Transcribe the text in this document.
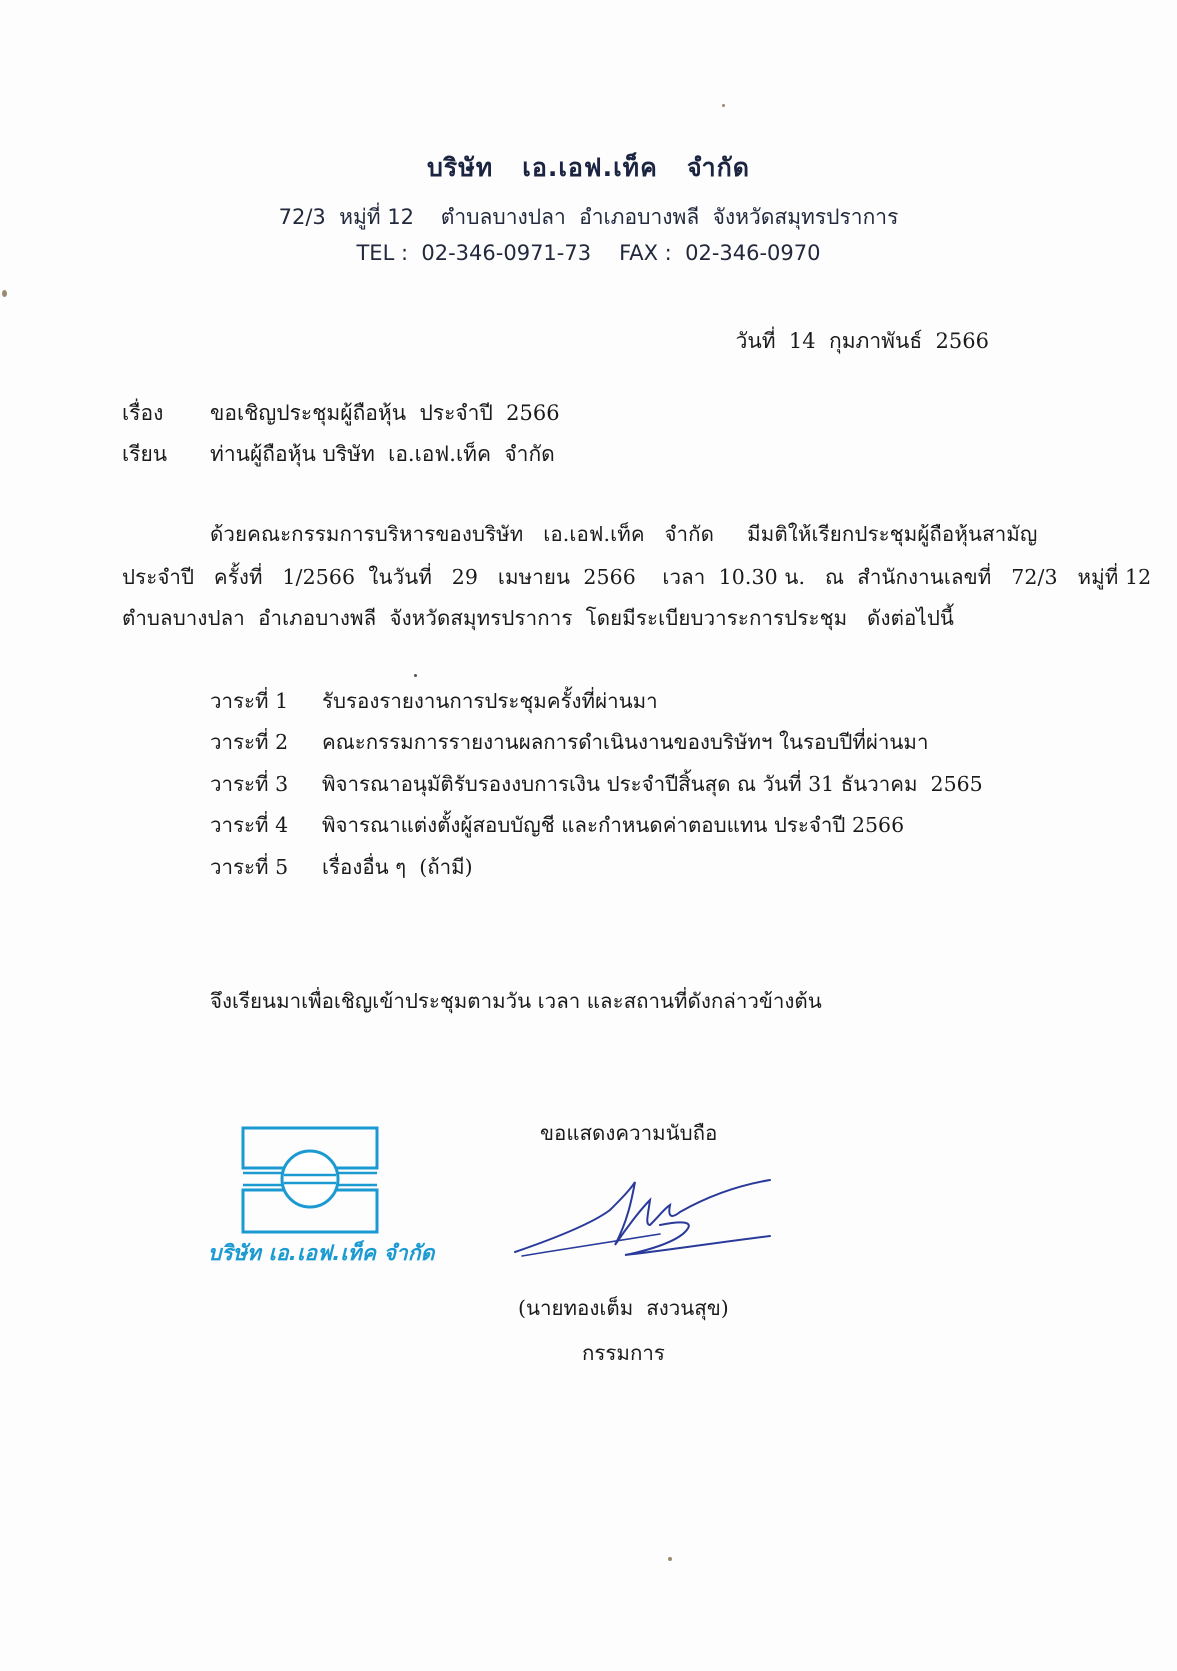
บริษัท   เอ.เอฟ.เท็ค   จำกัด
72/3  หมู่ที่ 12    ตำบลบางปลา  อำเภอบางพลี  จังหวัดสมุทรปราการ
TEL :  02-346-0971-73 FAX :  02-346-0970
วันที่  14  กุมภาพันธ์  2566
เรื่อง ขอเชิญประชุมผู้ถือหุ้น  ประจำปี  2566
เรียน ท่านผู้ถือหุ้น บริษัท  เอ.เอฟ.เท็ค  จำกัด
ด้วยคณะกรรมการบริหารของบริษัท   เอ.เอฟ.เท็ค   จำกัด     มีมติให้เรียกประชุมผู้ถือหุ้นสามัญ
ประจำปี   ครั้งที่   1/2566  ในวันที่   29   เมษายน  2566    เวลา  10.30 น.   ณ  สำนักงานเลขที่   72/3   หมู่ที่ 12
ตำบลบางปลา  อำเภอบางพลี  จังหวัดสมุทรปราการ  โดยมีระเบียบวาระการประชุม   ดังต่อไปนี้
วาระที่ 1 รับรองรายงานการประชุมครั้งที่ผ่านมา
วาระที่ 2 คณะกรรมการรายงานผลการดำเนินงานของบริษัทฯ ในรอบปีที่ผ่านมา
วาระที่ 3 พิจารณาอนุมัติรับรองงบการเงิน ประจำปีสิ้นสุด ณ วันที่ 31 ธันวาคม  2565
วาระที่ 4 พิจารณาแต่งตั้งผู้สอบบัญชี และกำหนดค่าตอบแทน ประจำปี 2566
วาระที่ 5 เรื่องอื่น ๆ  (ถ้ามี)
จึงเรียนมาเพื่อเชิญเข้าประชุมตามวัน เวลา และสถานที่ดังกล่าวข้างต้น
ขอแสดงความนับถือ
บริษัท เอ.เอฟ.เท็ค จำกัด
(นายทองเต็ม  สงวนสุข)
กรรมการ
